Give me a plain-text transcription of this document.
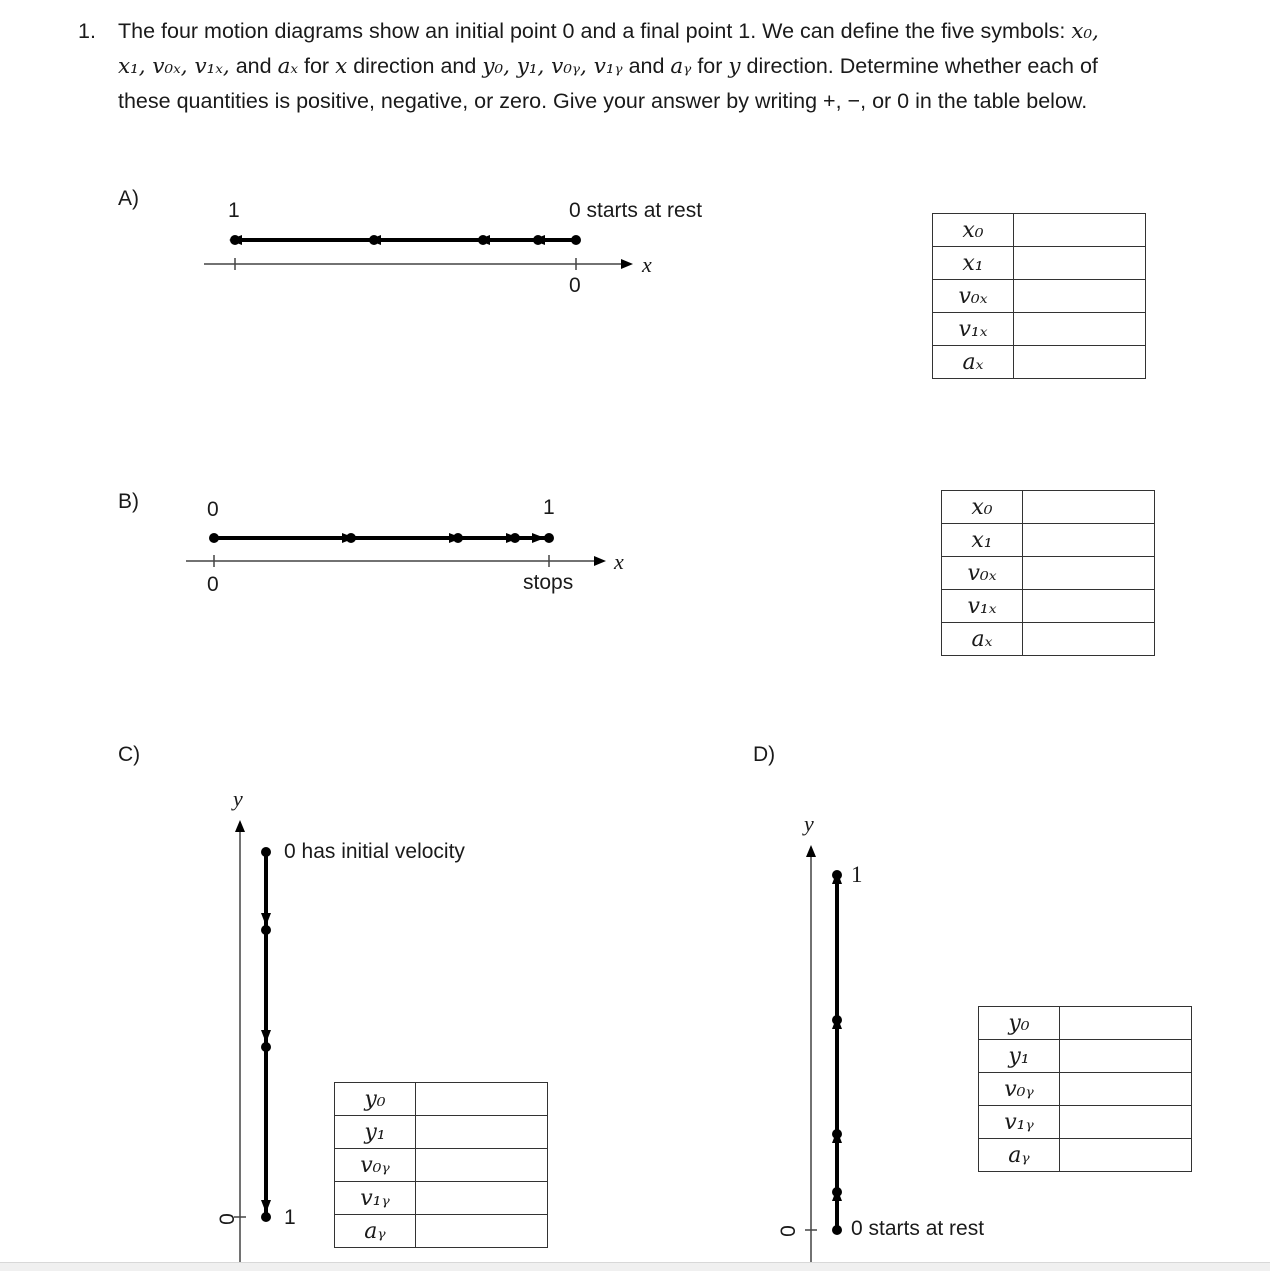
1. The four motion diagrams show an initial point 0 and a final point 1. We can define the five symbols: x₀,
x₁, v₀ₓ, v₁ₓ, and aₓ for x direction and y₀, y₁, v₀ᵧ, v₁ᵧ and aᵧ for y direction. Determine whether each of
these quantities is positive, negative, or zero. Give your answer by writing +, −, or 0 in the table below.
A)
1	0 starts at rest
0
x
x₀	
x₁	
v₀ₓ	
v₁ₓ	
aₓ	
B)	0	1
0	stops
x
x₀	
x₁	
v₀ₓ	
v₁ₓ	
aₓ	
C)
y
0 has initial velocity
1
0
y₀	
y₁	
v₀ᵧ	
v₁ᵧ	
aᵧ	
D)
y
1
0 starts at rest
0
y₀	
y₁	
v₀ᵧ	
v₁ᵧ	
aᵧ	
